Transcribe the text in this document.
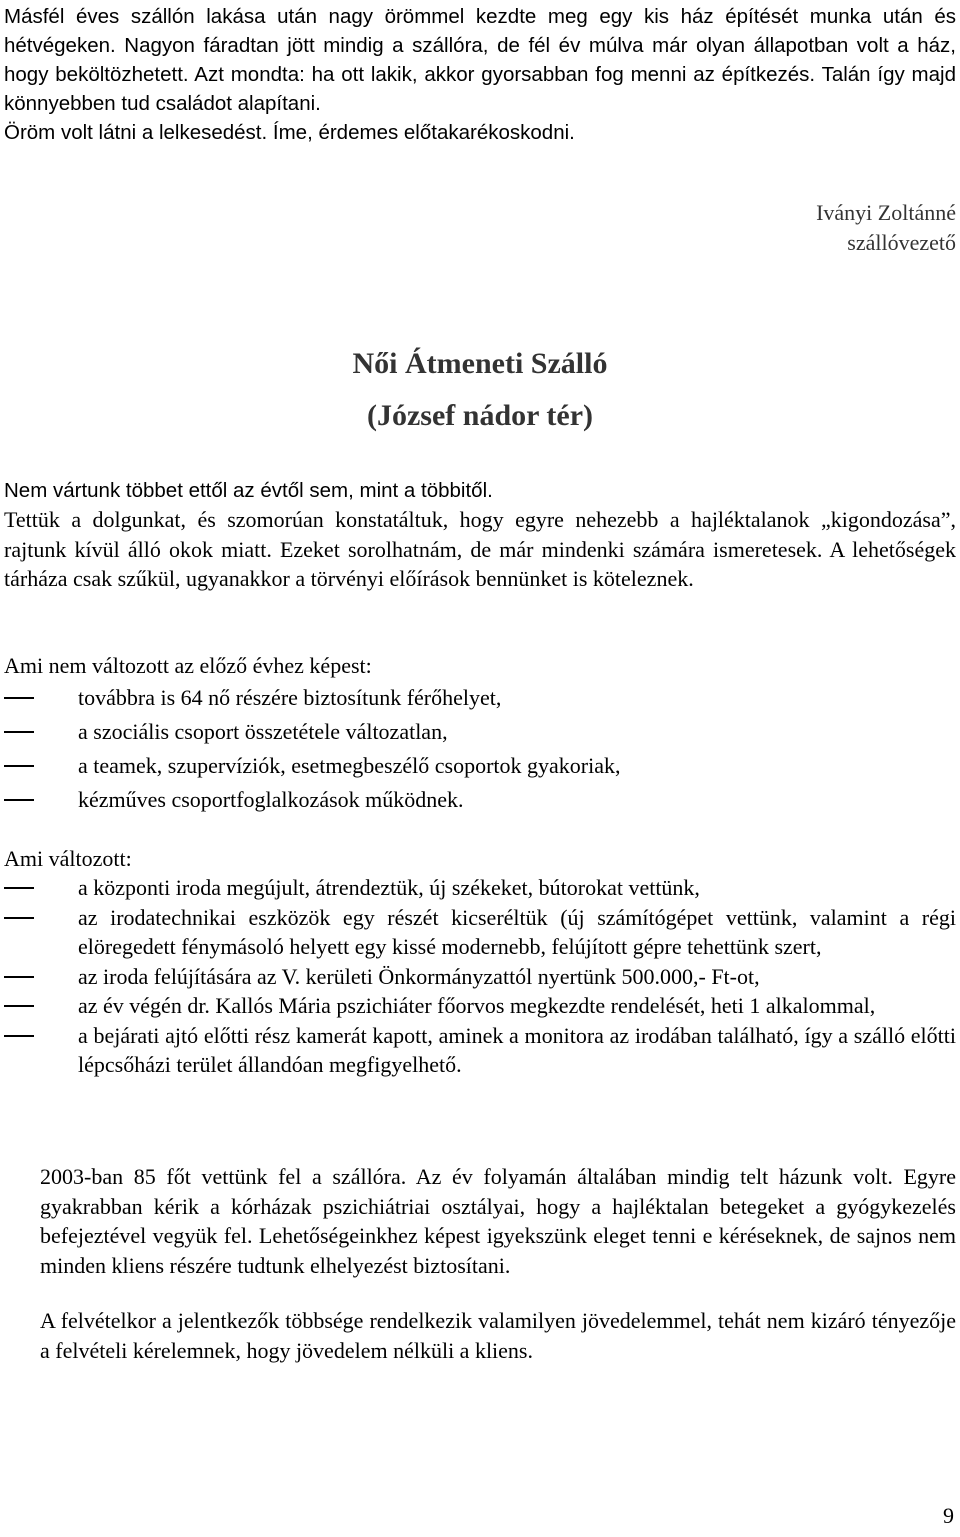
Másfél éves szállón lakása után nagy örömmel kezdte meg egy kis ház építését munka után és hétvégeken. Nagyon fáradtan jött mindig a szállóra, de fél év múlva már olyan állapotban volt a ház, hogy beköltözhetett. Azt mondta: ha ott lakik, akkor gyorsabban fog menni az építkezés. Talán így majd könnyebben tud családot alapítani.
Öröm volt látni a lelkesedést. Íme, érdemes előtakarékoskodni.

Iványi Zoltánné
szállóvezető
Női Átmeneti Szálló
(József nádor tér)

Nem vártunk többet ettől az évtől sem, mint a többitől.

Tettük a dolgunkat, és szomorúan konstatáltuk, hogy egyre nehezebb a hajléktalanok „kigondozása”, rajtunk kívül álló okok miatt. Ezeket sorolhatnám, de már mindenki számára ismeretesek. A lehetőségek tárháza csak szűkül, ugyanakkor a törvényi előírások bennünket is köteleznek.

Ami nem változott az előző évhez képest:

továbbra is 64 nő részére biztosítunk férőhelyet,
a szociális csoport összetétele változatlan,
a teamek, szupervíziók, esetmegbeszélő csoportok gyakoriak,
kézműves csoportfoglalkozások működnek.

Ami változott:

a központi iroda megújult, átrendeztük, új székeket, bútorokat vettünk,
az irodatechnikai eszközök egy részét kicseréltük (új számítógépet vettünk, valamint a régi elöregedett fénymásoló helyett egy kissé modernebb, felújított gépre tehettünk szert,
az iroda felújítására az V. kerületi Önkormányzattól nyertünk 500.000,- Ft-ot,
az év végén dr. Kallós Mária pszichiáter főorvos megkezdte rendelését, heti 1 alkalommal,
a bejárati ajtó előtti rész kamerát kapott, aminek a monitora az irodában található, így a szálló előtti lépcsőházi terület állandóan megfigyelhető.

2003-ban 85 főt vettünk fel a szállóra. Az év folyamán általában mindig telt házunk volt. Egyre gyakrabban kérik a kórházak pszichiátriai osztályai, hogy a hajléktalan betegeket a gyógykezelés befejeztével vegyük fel. Lehetőségeinkhez képest igyekszünk eleget tenni e kéréseknek, de sajnos nem minden kliens részére tudtunk elhelyezést biztosítani.

A felvételkor a jelentkezők többsége rendelkezik valamilyen jövedelemmel, tehát nem kizáró tényezője a felvételi kérelemnek, hogy jövedelem nélküli a kliens.

9
